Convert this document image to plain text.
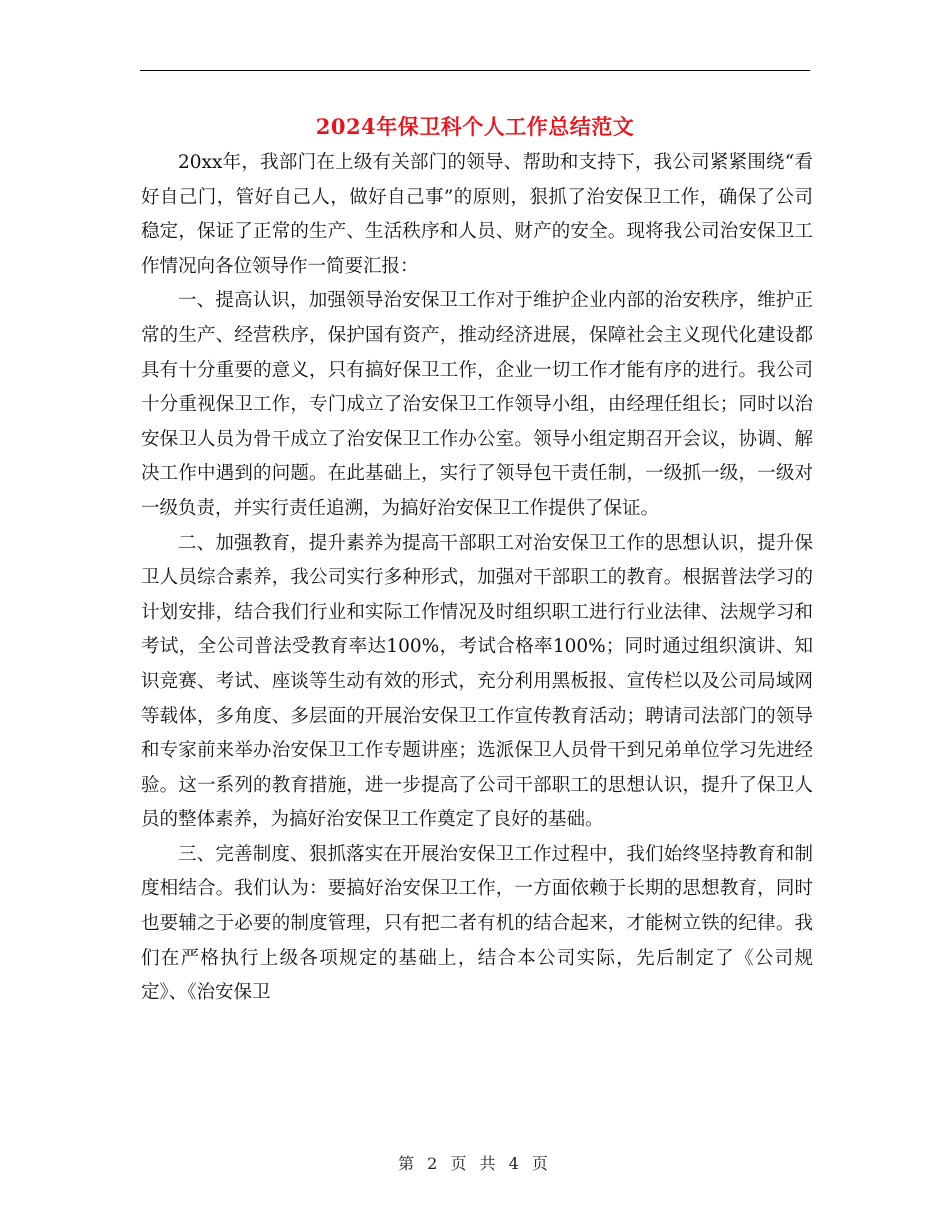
2024年保卫科个人工作总结范文

20xx年，我部门在上级有关部门的领导、帮助和支持下，我公司紧紧围绕“看好自己门，管好自己人，做好自己事”的原则，狠抓了治安保卫工作，确保了公司稳定，保证了正常的生产、生活秩序和人员、财产的安全。现将我公司治安保卫工作情况向各位领导作一简要汇报：

一、提高认识，加强领导治安保卫工作对于维护企业内部的治安秩序，维护正常的生产、经营秩序，保护国有资产，推动经济进展，保障社会主义现代化建设都具有十分重要的意义，只有搞好保卫工作，企业一切工作才能有序的进行。我公司十分重视保卫工作，专门成立了治安保卫工作领导小组，由经理任组长；同时以治安保卫人员为骨干成立了治安保卫工作办公室。领导小组定期召开会议，协调、解决工作中遇到的问题。在此基础上，实行了领导包干责任制，一级抓一级，一级对一级负责，并实行责任追溯，为搞好治安保卫工作提供了保证。

二、加强教育，提升素养为提高干部职工对治安保卫工作的思想认识，提升保卫人员综合素养，我公司实行多种形式，加强对干部职工的教育。根据普法学习的计划安排，结合我们行业和实际工作情况及时组织职工进行行业法律、法规学习和考试，全公司普法受教育率达100%，考试合格率100%；同时通过组织演讲、知识竞赛、考试、座谈等生动有效的形式，充分利用黑板报、宣传栏以及公司局域网等载体，多角度、多层面的开展治安保卫工作宣传教育活动；聘请司法部门的领导和专家前来举办治安保卫工作专题讲座；选派保卫人员骨干到兄弟单位学习先进经验。这一系列的教育措施，进一步提高了公司干部职工的思想认识，提升了保卫人员的整体素养，为搞好治安保卫工作奠定了良好的基础。

三、完善制度、狠抓落实在开展治安保卫工作过程中，我们始终坚持教育和制度相结合。我们认为：要搞好治安保卫工作，一方面依赖于长期的思想教育，同时也要辅之于必要的制度管理，只有把二者有机的结合起来，才能树立铁的纪律。我们在严格执行上级各项规定的基础上，结合本公司实际，先后制定了《公司规定》、《治安保卫

第 2 页 共 4 页
